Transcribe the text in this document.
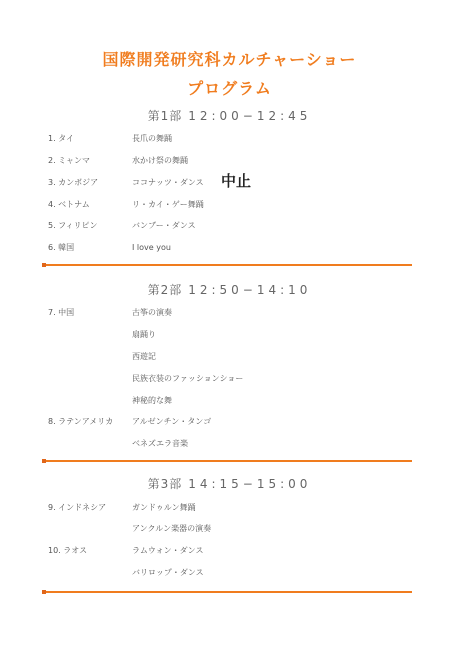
国際開発研究科カルチャーショー
プログラム
第1部 12:00−12:45
1. タイ	長爪の舞踊
2. ミャンマ	水かけ祭の舞踊
3. カンボジア	ココナッツ・ダンス 中止
4. ベトナム	リ・カイ・ゲー舞踊
5. フィリピン	バンブー・ダンス
6. 韓国	I love you
第2部 12:50−14:10
7. 中国	古筝の演奏
扇踊り
西遊記
民族衣装のファッションショー
神秘的な舞
8. ラテンアメリカ アルゼンチン・タンゴ
ベネズエラ音楽
第3部 14:15−15:00
9. インドネシア	ガンドゥルン舞踊
アンクルン楽器の演奏
10. ラオス	ラムウォン・ダンス
バリロップ・ダンス
